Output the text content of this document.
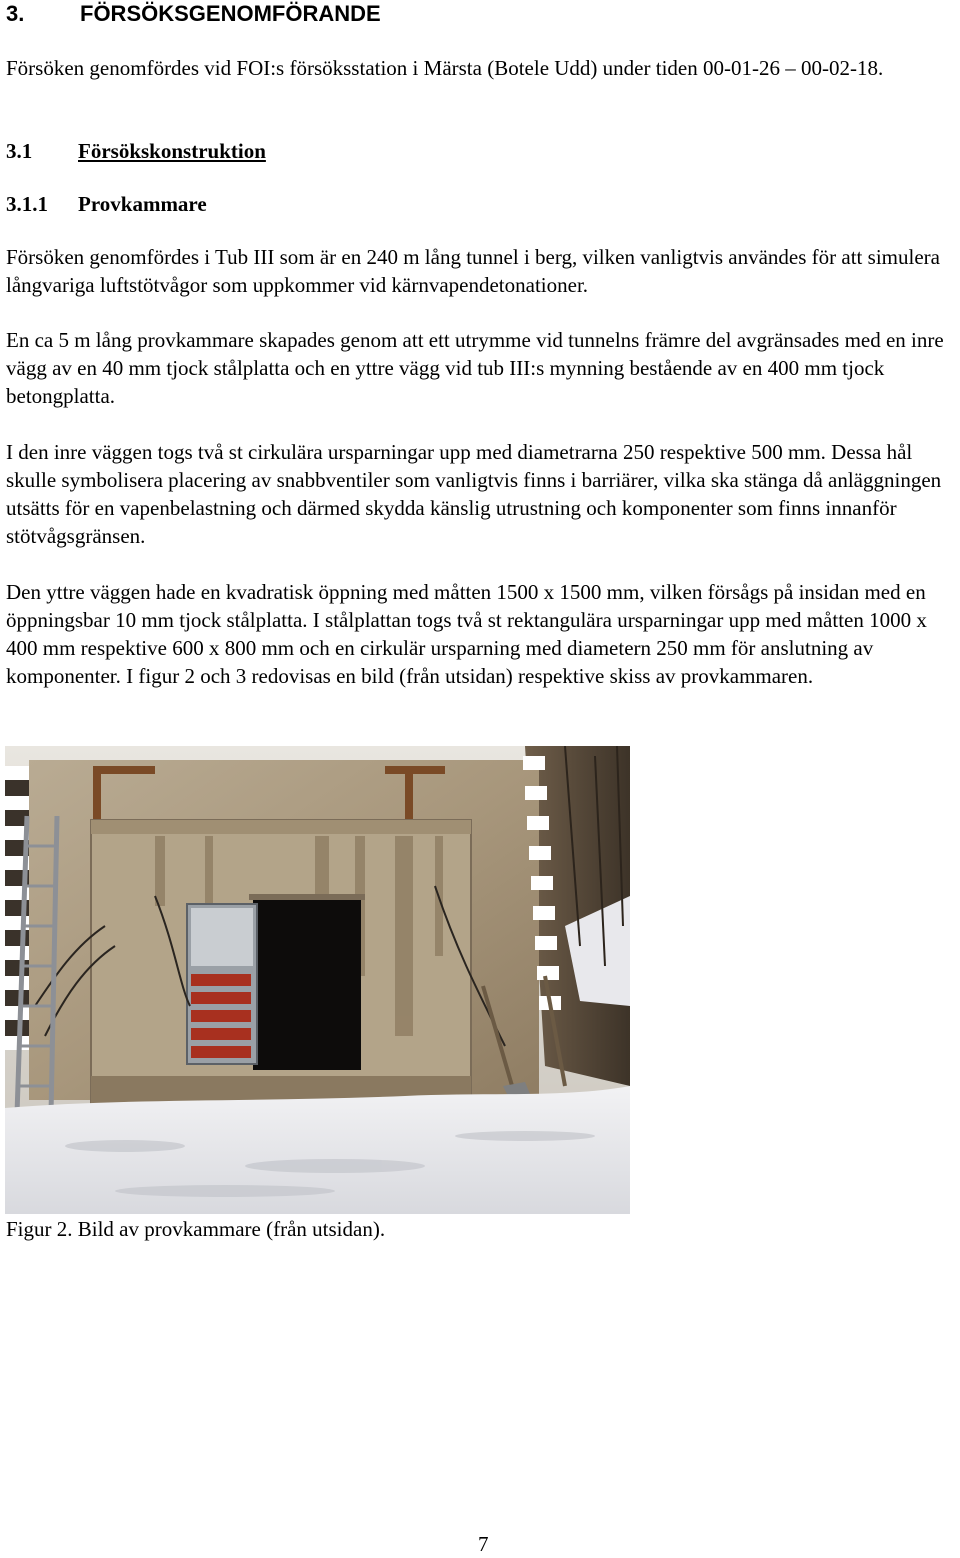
3.	FÖRSÖKSGENOMFÖRANDE

Försöken genomfördes vid FOI:s försöksstation i Märsta (Botele Udd) under tiden 00-01-26 – 00-02-18.

3.1 Försökskonstruktion
3.1.1 Provkammare

Försöken genomfördes i Tub III som är en 240 m lång tunnel i berg, vilken vanligtvis användes för att simulera långvariga luftstötvågor som uppkommer vid kärnvapendetonationer.

En ca 5 m lång provkammare skapades genom att ett utrymme vid tunnelns främre del avgränsades med en inre vägg av en 40 mm tjock stålplatta och en yttre vägg vid tub III:s mynning bestående av en 400 mm tjock betongplatta.

I den inre väggen togs två st cirkulära ursparningar upp med diametrarna 250 respektive 500 mm. Dessa hål skulle symbolisera placering av snabbventiler som vanligtvis finns i barriärer, vilka ska stänga då anläggningen utsätts för en vapenbelastning och därmed skydda känslig utrustning och komponenter som finns innanför stötvågsgränsen.

Den yttre väggen hade en kvadratisk öppning med måtten 1500 x 1500 mm, vilken försågs på insidan med en öppningsbar 10 mm tjock stålplatta. I stålplattan togs två st rektangulära ursparningar upp med måtten 1000 x 400 mm respektive 600 x 800 mm och en cirkulär ursparning med diametern 250 mm för anslutning av komponenter. I figur 2 och 3 redovisas en bild (från utsidan) respektive skiss av provkammaren.

Figur 2. Bild av provkammare (från utsidan).
7
